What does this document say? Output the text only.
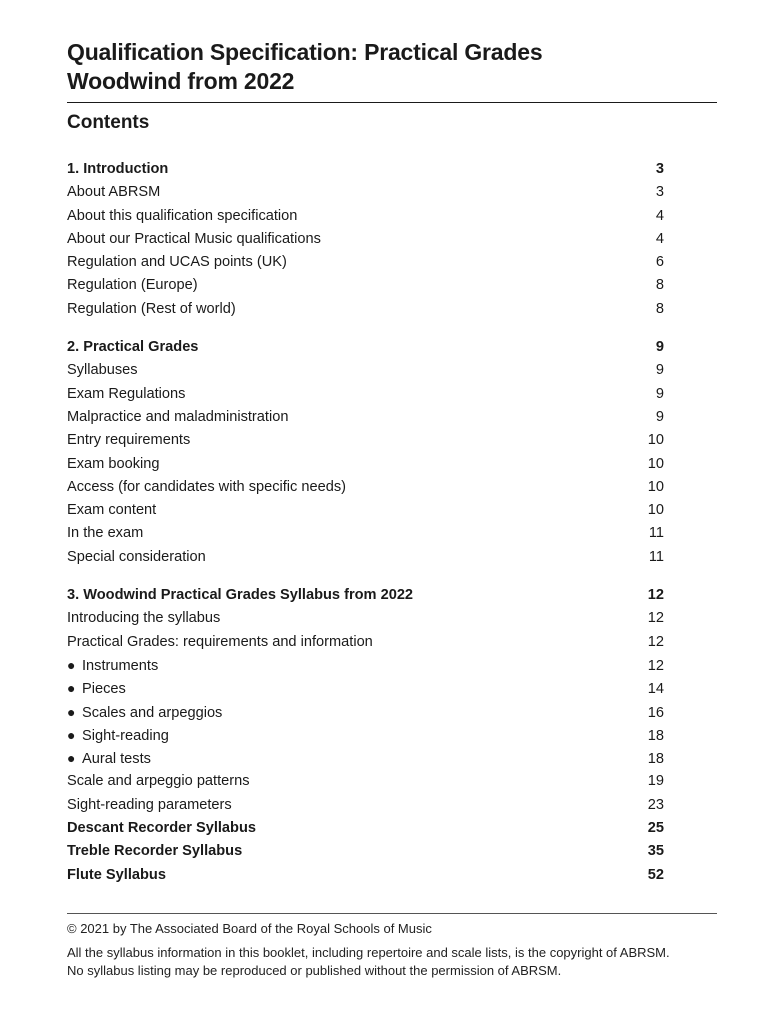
Qualification Specification: Practical Grades
Woodwind from 2022
Contents
1. Introduction	3
About ABRSM	3
About this qualification specification	4
About our Practical Music qualifications	4
Regulation and UCAS points (UK)	6
Regulation (Europe)	8
Regulation (Rest of world)	8
2. Practical Grades	9
Syllabuses	9
Exam Regulations	9
Malpractice and maladministration	9
Entry requirements	10
Exam booking	10
Access (for candidates with specific needs)	10
Exam content	10
In the exam	11
Special consideration	11
3. Woodwind Practical Grades Syllabus from 2022	12
Introducing the syllabus	12
Practical Grades: requirements and information	12
● Instruments	12
● Pieces	14
● Scales and arpeggios	16
● Sight-reading	18
● Aural tests	18
Scale and arpeggio patterns	19
Sight-reading parameters	23
Descant Recorder Syllabus	25
Treble Recorder Syllabus	35
Flute Syllabus	52
© 2021 by The Associated Board of the Royal Schools of Music
All the syllabus information in this booklet, including repertoire and scale lists, is the copyright of ABRSM.
No syllabus listing may be reproduced or published without the permission of ABRSM.
